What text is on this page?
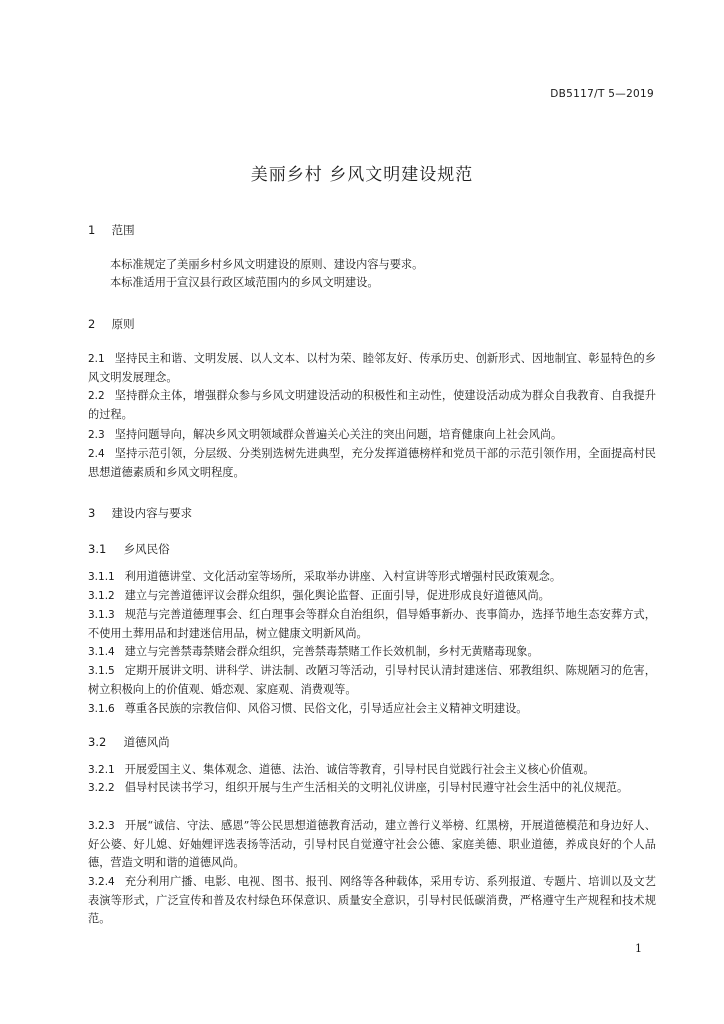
DB5117/T 5—2019
美丽乡村 乡风文明建设规范
1 范围
本标准规定了美丽乡村乡风文明建设的原则、建设内容与要求。
本标准适用于宣汉县行政区域范围内的乡风文明建设。
2 原则
2.1 坚持民主和谐、文明发展、以人文本、以村为荣、睦邻友好、传承历史、创新形式、因地制宜、彰显特色的乡风文明发展理念。
2.2 坚持群众主体，增强群众参与乡风文明建设活动的积极性和主动性，使建设活动成为群众自我教育、自我提升的过程。
2.3 坚持问题导向，解决乡风文明领域群众普遍关心关注的突出问题，培育健康向上社会风尚。
2.4 坚持示范引领，分层级、分类别选树先进典型，充分发挥道德榜样和党员干部的示范引领作用，全面提高村民思想道德素质和乡风文明程度。
3 建设内容与要求
3.1 乡风民俗
3.1.1 利用道德讲堂、文化活动室等场所，采取举办讲座、入村宣讲等形式增强村民政策观念。
3.1.2 建立与完善道德评议会群众组织，强化舆论监督、正面引导，促进形成良好道德风尚。
3.1.3 规范与完善道德理事会、红白理事会等群众自治组织，倡导婚事新办、丧事简办，选择节地生态安葬方式，不使用土葬用品和封建迷信用品，树立健康文明新风尚。
3.1.4 建立与完善禁毒禁赌会群众组织，完善禁毒禁赌工作长效机制，乡村无黄赌毒现象。
3.1.5 定期开展讲文明、讲科学、讲法制、改陋习等活动，引导村民认清封建迷信、邪教组织、陈规陋习的危害，树立积极向上的价值观、婚恋观、家庭观、消费观等。
3.1.6 尊重各民族的宗教信仰、风俗习惯、民俗文化，引导适应社会主义精神文明建设。
3.2 道德风尚
3.2.1 开展爱国主义、集体观念、道德、法治、诚信等教育，引导村民自觉践行社会主义核心价值观。
3.2.2 倡导村民读书学习，组织开展与生产生活相关的文明礼仪讲座，引导村民遵守社会生活中的礼仪规范。
3.2.3 开展“诚信、守法、感恩”等公民思想道德教育活动，建立善行义举榜、红黑榜，开展道德模范和身边好人、好公婆、好儿媳、好妯娌评选表扬等活动，引导村民自觉遵守社会公德、家庭美德、职业道德，养成良好的个人品德，营造文明和谐的道德风尚。
3.2.4 充分利用广播、电影、电视、图书、报刊、网络等各种载体，采用专访、系列报道、专题片、培训以及文艺表演等形式，广泛宣传和普及农村绿色环保意识、质量安全意识，引导村民低碳消费，严格遵守生产规程和技术规范。
1
